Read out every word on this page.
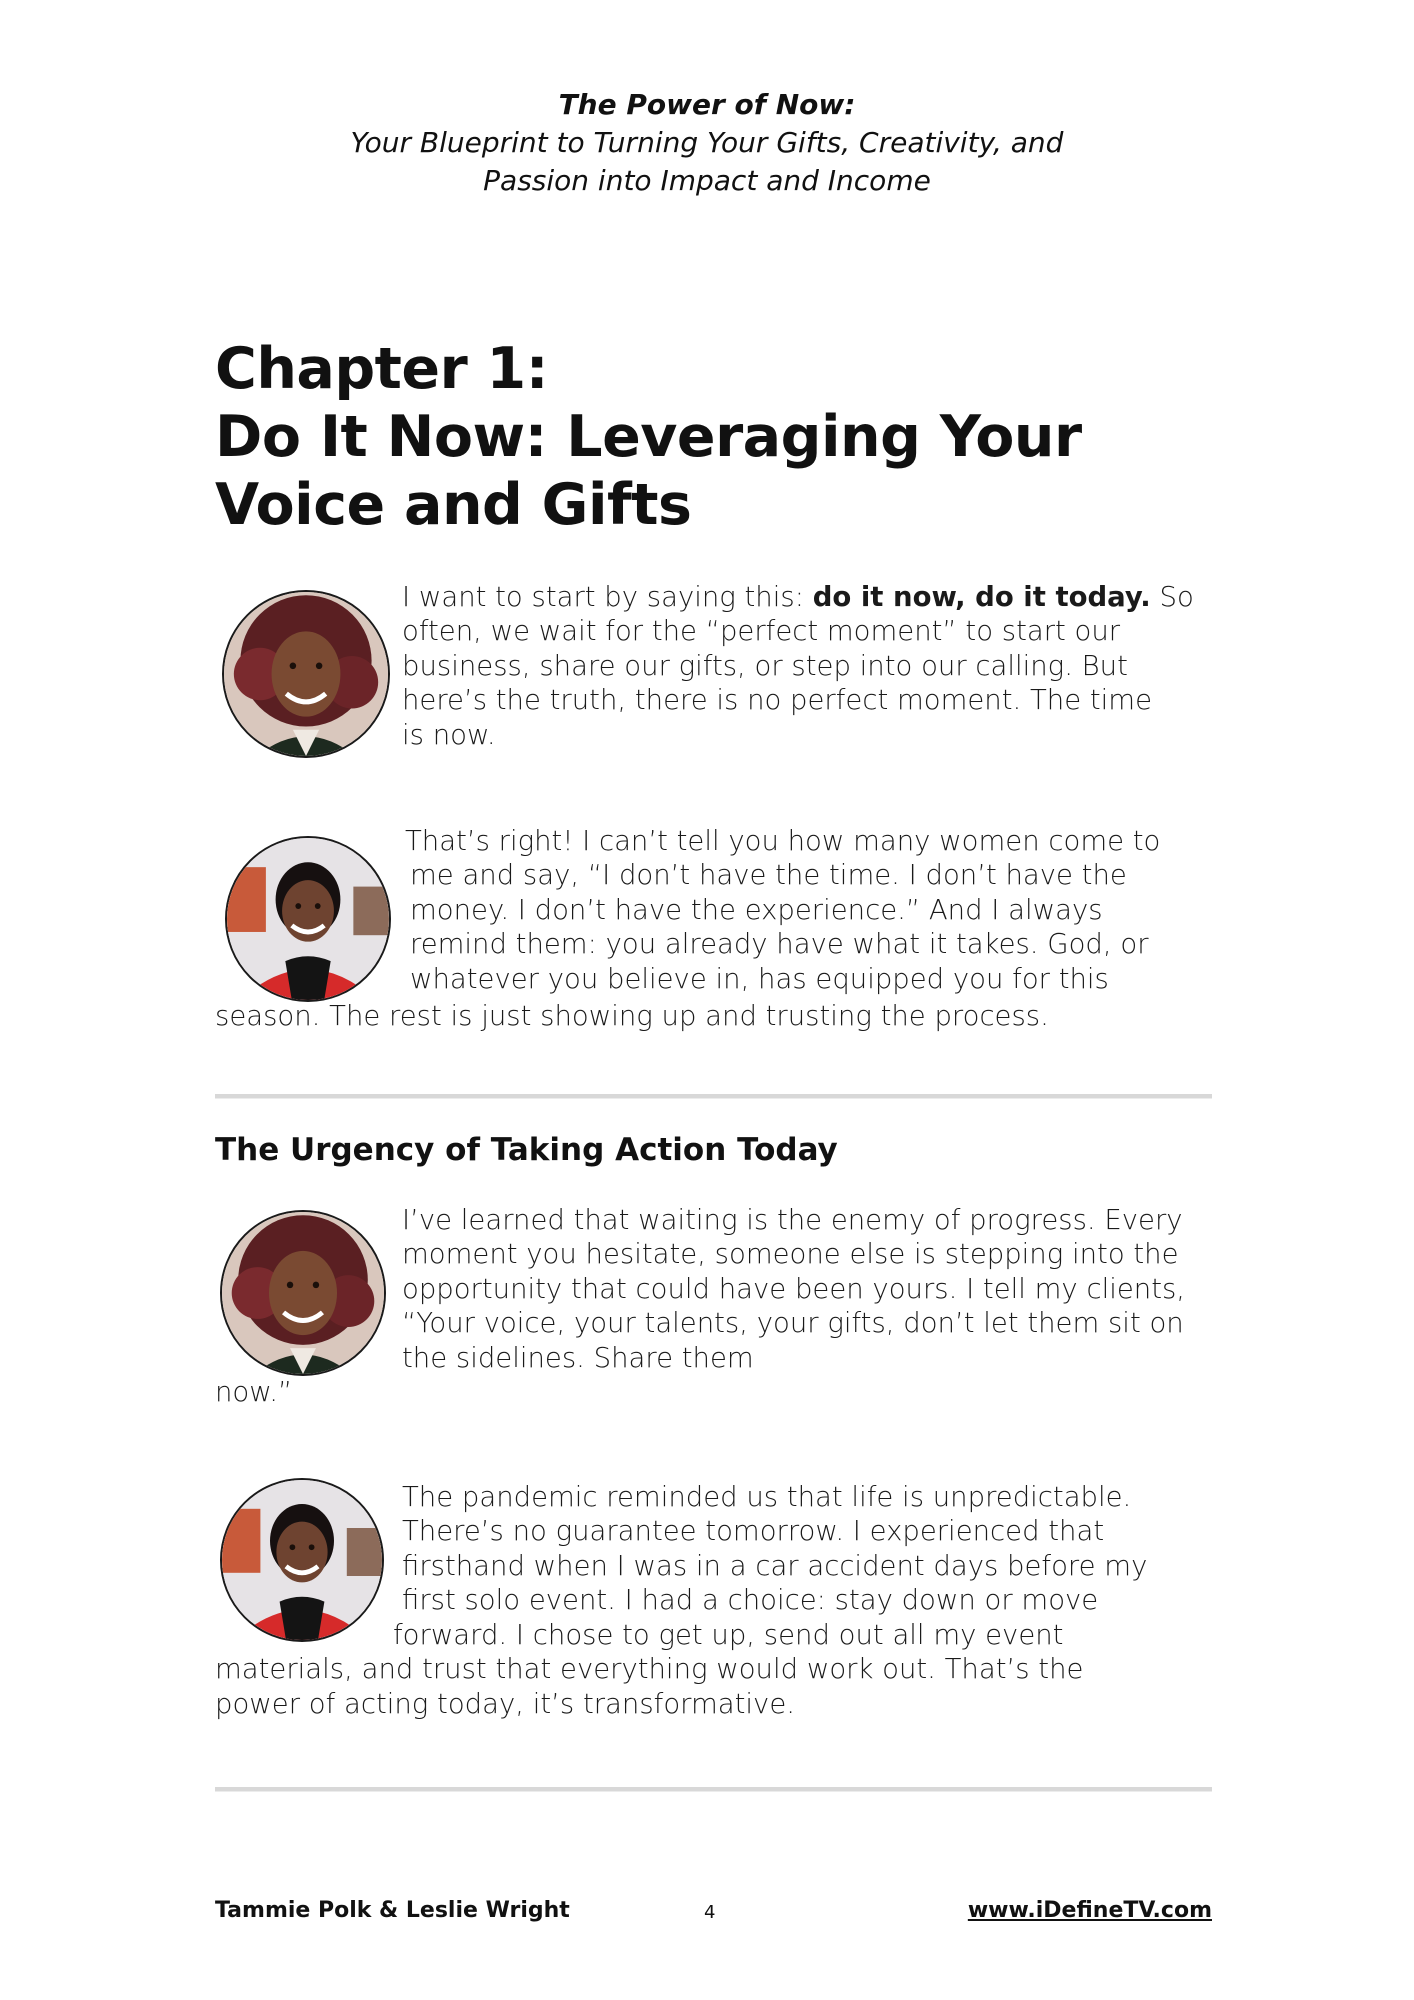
The Power of Now:
Your Blueprint to Turning Your Gifts, Creativity, and
Passion into Impact and Income
Chapter 1:
Do It Now: Leveraging Your
Voice and Gifts
I want to start by saying this: do it now, do it today. So
often, we wait for the “perfect moment” to start our
business, share our gifts, or step into our calling. But
here’s the truth, there is no perfect moment. The time
is now.
That’s right! I can’t tell you how many women come to
me and say, “I don’t have the time. I don’t have the
money. I don’t have the experience.” And I always
remind them: you already have what it takes. God, or
whatever you believe in, has equipped you for this
season. The rest is just showing up and trusting the process.
The Urgency of Taking Action Today
I’ve learned that waiting is the enemy of progress. Every
moment you hesitate, someone else is stepping into the
opportunity that could have been yours. I tell my clients,
“Your voice, your talents, your gifts, don’t let them sit on
the sidelines. Share them
now.”
The pandemic reminded us that life is unpredictable.
There’s no guarantee tomorrow. I experienced that
firsthand when I was in a car accident days before my
first solo event. I had a choice: stay down or move
forward. I chose to get up, send out all my event
materials, and trust that everything would work out. That’s the
power of acting today, it’s transformative.
Tammie Polk & Leslie Wright	4	www.iDefineTV.com
